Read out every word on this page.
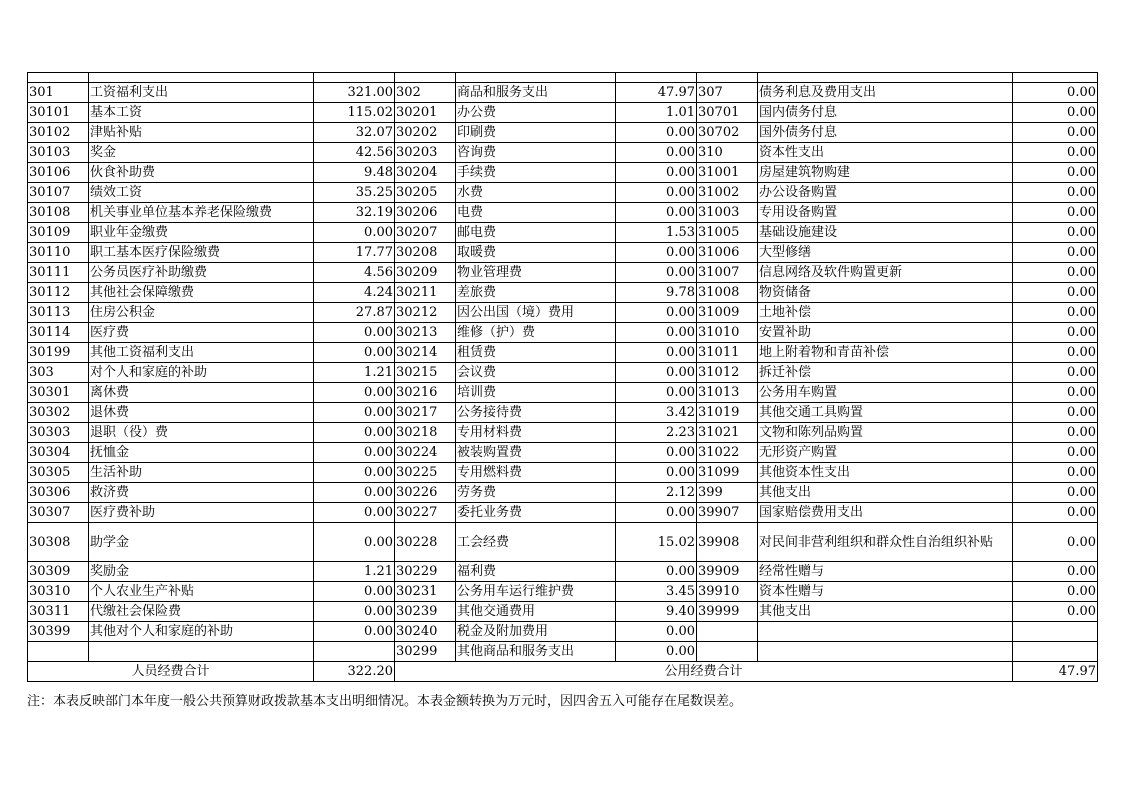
301	工资福利支出	321.00	302	商品和服务支出	47.97	307	债务利息及费用支出	0.00
30101	基本工资	115.02	30201	办公费	1.01	30701	国内债务付息	0.00
30102	津贴补贴	32.07	30202	印刷费	0.00	30702	国外债务付息	0.00
30103	奖金	42.56	30203	咨询费	0.00	310	资本性支出	0.00
30106	伙食补助费	9.48	30204	手续费	0.00	31001	房屋建筑物购建	0.00
30107	绩效工资	35.25	30205	水费	0.00	31002	办公设备购置	0.00
30108	机关事业单位基本养老保险缴费	32.19	30206	电费	0.00	31003	专用设备购置	0.00
30109	职业年金缴费	0.00	30207	邮电费	1.53	31005	基础设施建设	0.00
30110	职工基本医疗保险缴费	17.77	30208	取暖费	0.00	31006	大型修缮	0.00
30111	公务员医疗补助缴费	4.56	30209	物业管理费	0.00	31007	信息网络及软件购置更新	0.00
30112	其他社会保障缴费	4.24	30211	差旅费	9.78	31008	物资储备	0.00
30113	住房公积金	27.87	30212	因公出国（境）费用	0.00	31009	土地补偿	0.00
30114	医疗费	0.00	30213	维修（护）费	0.00	31010	安置补助	0.00
30199	其他工资福利支出	0.00	30214	租赁费	0.00	31011	地上附着物和青苗补偿	0.00
303	对个人和家庭的补助	1.21	30215	会议费	0.00	31012	拆迁补偿	0.00
30301	离休费	0.00	30216	培训费	0.00	31013	公务用车购置	0.00
30302	退休费	0.00	30217	公务接待费	3.42	31019	其他交通工具购置	0.00
30303	退职（役）费	0.00	30218	专用材料费	2.23	31021	文物和陈列品购置	0.00
30304	抚恤金	0.00	30224	被装购置费	0.00	31022	无形资产购置	0.00
30305	生活补助	0.00	30225	专用燃料费	0.00	31099	其他资本性支出	0.00
30306	救济费	0.00	30226	劳务费	2.12	399	其他支出	0.00
30307	医疗费补助	0.00	30227	委托业务费	0.00	39907	国家赔偿费用支出	0.00
30308	助学金	0.00	30228	工会经费	15.02	39908	对民间非营利组织和群众性自治组织补贴	0.00
30309	奖励金	1.21	30229	福利费	0.00	39909	经常性赠与	0.00
30310	个人农业生产补贴	0.00	30231	公务用车运行维护费	3.45	39910	资本性赠与	0.00
30311	代缴社会保险费	0.00	30239	其他交通费用	9.40	39999	其他支出	0.00
30399	其他对个人和家庭的补助	0.00	30240	税金及附加费用	0.00			
			30299	其他商品和服务支出	0.00			
人员经费合计		322.20	公用经费合计					47.97
注：本表反映部门本年度一般公共预算财政拨款基本支出明细情况。本表金额转换为万元时，因四舍五入可能存在尾数误差。
